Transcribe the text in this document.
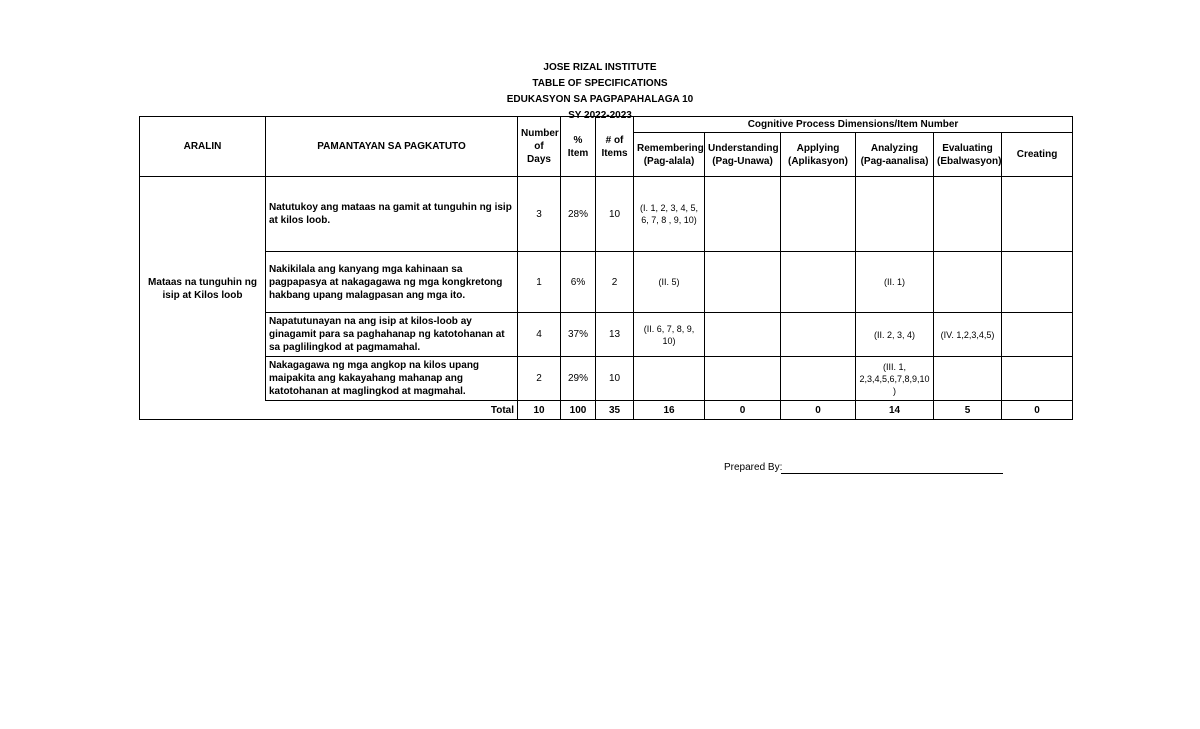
JOSE RIZAL INSTITUTE
TABLE OF SPECIFICATIONS
EDUKASYON SA PAGPAPAHALAGA 10
SY 2022-2023
ARALIN	PAMANTAYAN SA PAGKATUTO	Number of Days	% Item	# of Items	Cognitive Process Dimensions/Item Number					
					Remembering (Pag-alala)	Understanding (Pag-Unawa)	Applying (Aplikasyon)	Analyzing (Pag-aanalisa)	Evaluating (Ebalwasyon)	Creating
Mataas na tunguhin ng isip at Kilos loob	Natutukoy ang mataas na gamit at tunguhin ng isip at kilos loob.	3	28%	10	(I. 1, 2, 3, 4, 5, 6, 7, 8 , 9, 10)					
	Nakikilala ang kanyang mga kahinaan sa pagpapasya at nakagagawa ng mga kongkretong hakbang upang malagpasan ang mga ito.	1	6%	2	(II. 5)			(II. 1)		
	Napatutunayan na ang isip at kilos-loob ay ginagamit para sa paghahanap ng katotohanan at sa paglilingkod at pagmamahal.	4	37%	13	(II. 6, 7, 8, 9, 10)			(II. 2, 3, 4)	(IV. 1,2,3,4,5)	
	Nakagagawa ng mga angkop na kilos upang maipakita ang kakayahang mahanap ang katotohanan at maglingkod at magmahal.	2	29%	10				(III. 1, 2,3,4,5,6,7,8,9,10 )		
	Total	10	100	35	16	0	0	14	5	0
Prepared By:
